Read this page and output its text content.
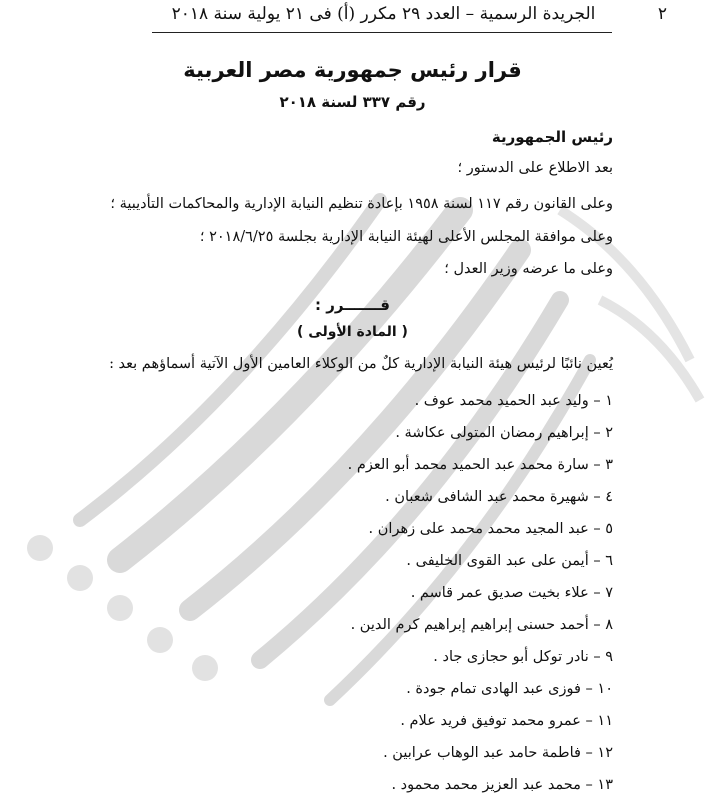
٢
الجريدة الرسمية – العدد ٢٩ مكرر (أ) فى ٢١ يولية سنة ٢٠١٨
قرار رئيس جمهورية مصر العربية
رقم ٣٣٧ لسنة ٢٠١٨
رئيس الجمهورية
بعد الاطلاع على الدستور ؛
وعلى القانون رقم ١١٧ لسنة ١٩٥٨ بإعادة تنظيم النيابة الإدارية والمحاكمات التأديبية ؛
وعلى موافقة المجلس الأعلى لهيئة النيابة الإدارية بجلسة ٢٠١٨/٦/٢٥ ؛
وعلى ما عرضه وزير العدل ؛
قـــــــرر :
( المادة الأولى )
يُعين نائبًا لرئيس هيئة النيابة الإدارية كلٌ من الوكلاء العامين الأول الآتية أسماؤهم بعد :
١ – وليد عبد الحميد محمد عوف .
٢ – إبراهيم رمضان المتولى عكاشة .
٣ – سارة محمد عبد الحميد محمد أبو العزم .
٤ – شهيرة محمد عبد الشافى شعبان .
٥ – عبد المجيد محمد محمد على زهران .
٦ – أيمن على عبد القوى الخليفى .
٧ – علاء بخيت صديق عمر قاسم .
٨ – أحمد حسنى إبراهيم إبراهيم كرم الدين .
٩ – نادر توكل أبو حجازى جاد .
١٠ – فوزى عبد الهادى تمام جودة .
١١ – عمرو محمد توفيق فريد علام .
١٢ – فاطمة حامد عبد الوهاب عرابين .
١٣ – محمد عبد العزيز محمد محمود .
